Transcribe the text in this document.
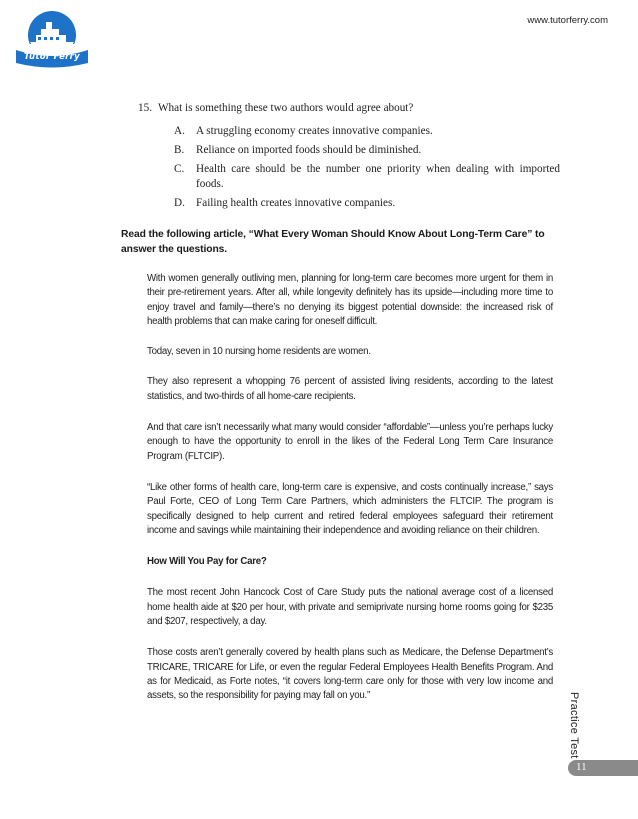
Tutor Ferry
www.tutorferry.com
15. What is something these two authors would agree about?
A. A struggling economy creates innovative companies.
B.	Reliance on imported foods should be diminished.
C.	Health care should be the number one priority when dealing with imported foods.
D. Failing health creates innovative companies.
Read the following article, “What Every Woman Should Know About Long-Term Care” to answer the questions.

With women generally outliving men, planning for long-term care becomes more urgent for them in their pre-retirement years. After all, while longevity definitely has its upside—including more time to enjoy travel and family—there’s no denying its biggest potential downside: the increased risk of health problems that can make caring for oneself difficult.

Today, seven in 10 nursing home residents are women.

They also represent a whopping 76 percent of assisted living residents, according to the latest statistics, and two-thirds of all home-care recipients.

And that care isn’t necessarily what many would consider “affordable”—unless you’re perhaps lucky enough to have the opportunity to enroll in the likes of the Federal Long Term Care Insurance Program (FLTCIP).

“Like other forms of health care, long-term care is expensive, and costs continually increase,” says Paul Forte, CEO of Long Term Care Partners, which administers the FLTCIP. The program is specifically designed to help current and retired federal employees safeguard their retirement income and savings while maintaining their independence and avoiding reliance on their children.

How Will You Pay for Care?

The most recent John Hancock Cost of Care Study puts the national average cost of a licensed home health aide at $20 per hour, with private and semiprivate nursing home rooms going for $235 and $207, respectively, a day.

Those costs aren’t generally covered by health plans such as Medicare, the Defense Department’s TRICARE, TRICARE for Life, or even the regular Federal Employees Health Benefits Program. And as for Medicaid, as Forte notes, “it covers long-term care only for those with very low income and assets, so the responsibility for paying may fall on you.”	Practice Test
11
